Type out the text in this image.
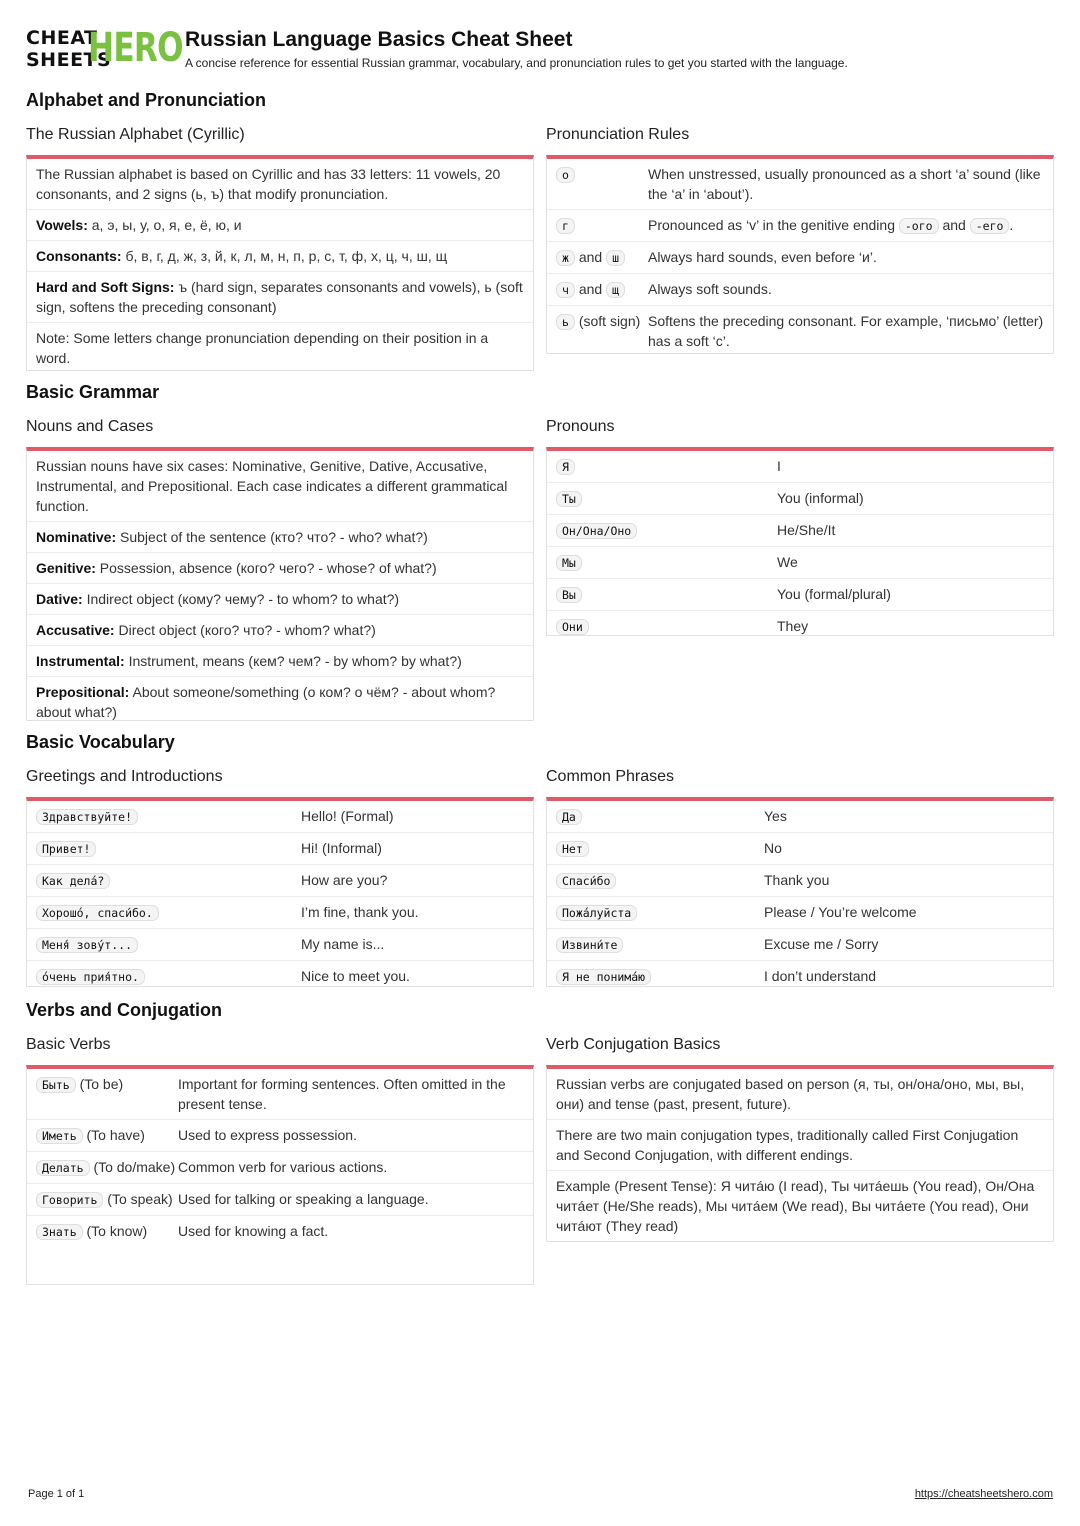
CHEAT
SHEETS
HERO Russian Language Basics Cheat Sheet
A concise reference for essential Russian grammar, vocabulary, and pronunciation rules to get you started with the language.
Alphabet and Pronunciation
The Russian Alphabet (Cyrillic)
The Russian alphabet is based on Cyrillic and has 33 letters: 11 vowels, 20 consonants, and 2 signs (ь, ъ) that modify pronunciation.
Vowels: а, э, ы, у, о, я, е, ё, ю, и
Consonants: б, в, г, д, ж, з, й, к, л, м, н, п, р, с, т, ф, х, ц, ч, ш, щ
Hard and Soft Signs: ъ (hard sign, separates consonants and vowels), ь (soft sign, softens the preceding consonant)
Note: Some letters change pronunciation depending on their position in a word.
Pronunciation Rules
о	When unstressed, usually pronounced as a short ‘a’ sound (like the ‘a’ in ‘about’).
г	Pronounced as ‘v’ in the genitive ending -ого and -его .
ж and ш	Always hard sounds, even before ‘и’.
ч and щ	Always soft sounds.
ь (soft sign) Softens the preceding consonant. For example, ‘письмо’ (letter) has a soft ‘с’.
Basic Grammar
Nouns and Cases
Russian nouns have six cases: Nominative, Genitive, Dative, Accusative, Instrumental, and Prepositional. Each case indicates a different grammatical function.
Nominative: Subject of the sentence (кто? что? - who? what?)
Genitive: Possession, absence (кого? чего? - whose? of what?)
Dative: Indirect object (кому? чему? - to whom? to what?)
Accusative: Direct object (кого? что? - whom? what?)
Instrumental: Instrument, means (кем? чем? - by whom? by what?)
Prepositional: About someone/something (о ком? о чём? - about whom? about what?)
Pronouns
Я	I
Ты	You (informal)
Он/Она/Оно	He/She/It
Мы	We
Вы	You (formal/plural)
Они	They
Basic Vocabulary
Greetings and Introductions
Здравствуйте!	Hello! (Formal)
Привет!	Hi! (Informal)
Как делá?	How are you?
Хорошó, спаси́бо.	I’m fine, thank you.
Меня́ зовýт...	My name is...
óчень прия́тно.	Nice to meet you.
Common Phrases
Да	Yes
Нет	No
Спаси́бо	Thank you
Пожáлуйста	Please / You’re welcome
Извини́те	Excuse me / Sorry
Я не понимáю	I don’t understand
Verbs and Conjugation
Basic Verbs
Быть (To be)	Important for forming sentences. Often omitted in the present tense.
Иметь (To have)	Used to express possession.
Делать (To do/make) Common verb for various actions.
Говорить (To speak) Used for talking or speaking a language.
Знать (To know)	Used for knowing a fact.
Verb Conjugation Basics
Russian verbs are conjugated based on person (я, ты, он/она/оно, мы, вы, они) and tense (past, present, future).
There are two main conjugation types, traditionally called First Conjugation and Second Conjugation, with different endings.
Example (Present Tense): Я читáю (I read), Ты читáешь (You read), Он/Она читáет (He/She reads), Мы читáем (We read), Вы читáете (You read), Они читáют (They read)
Page 1 of 1	https://cheatsheetshero.com
